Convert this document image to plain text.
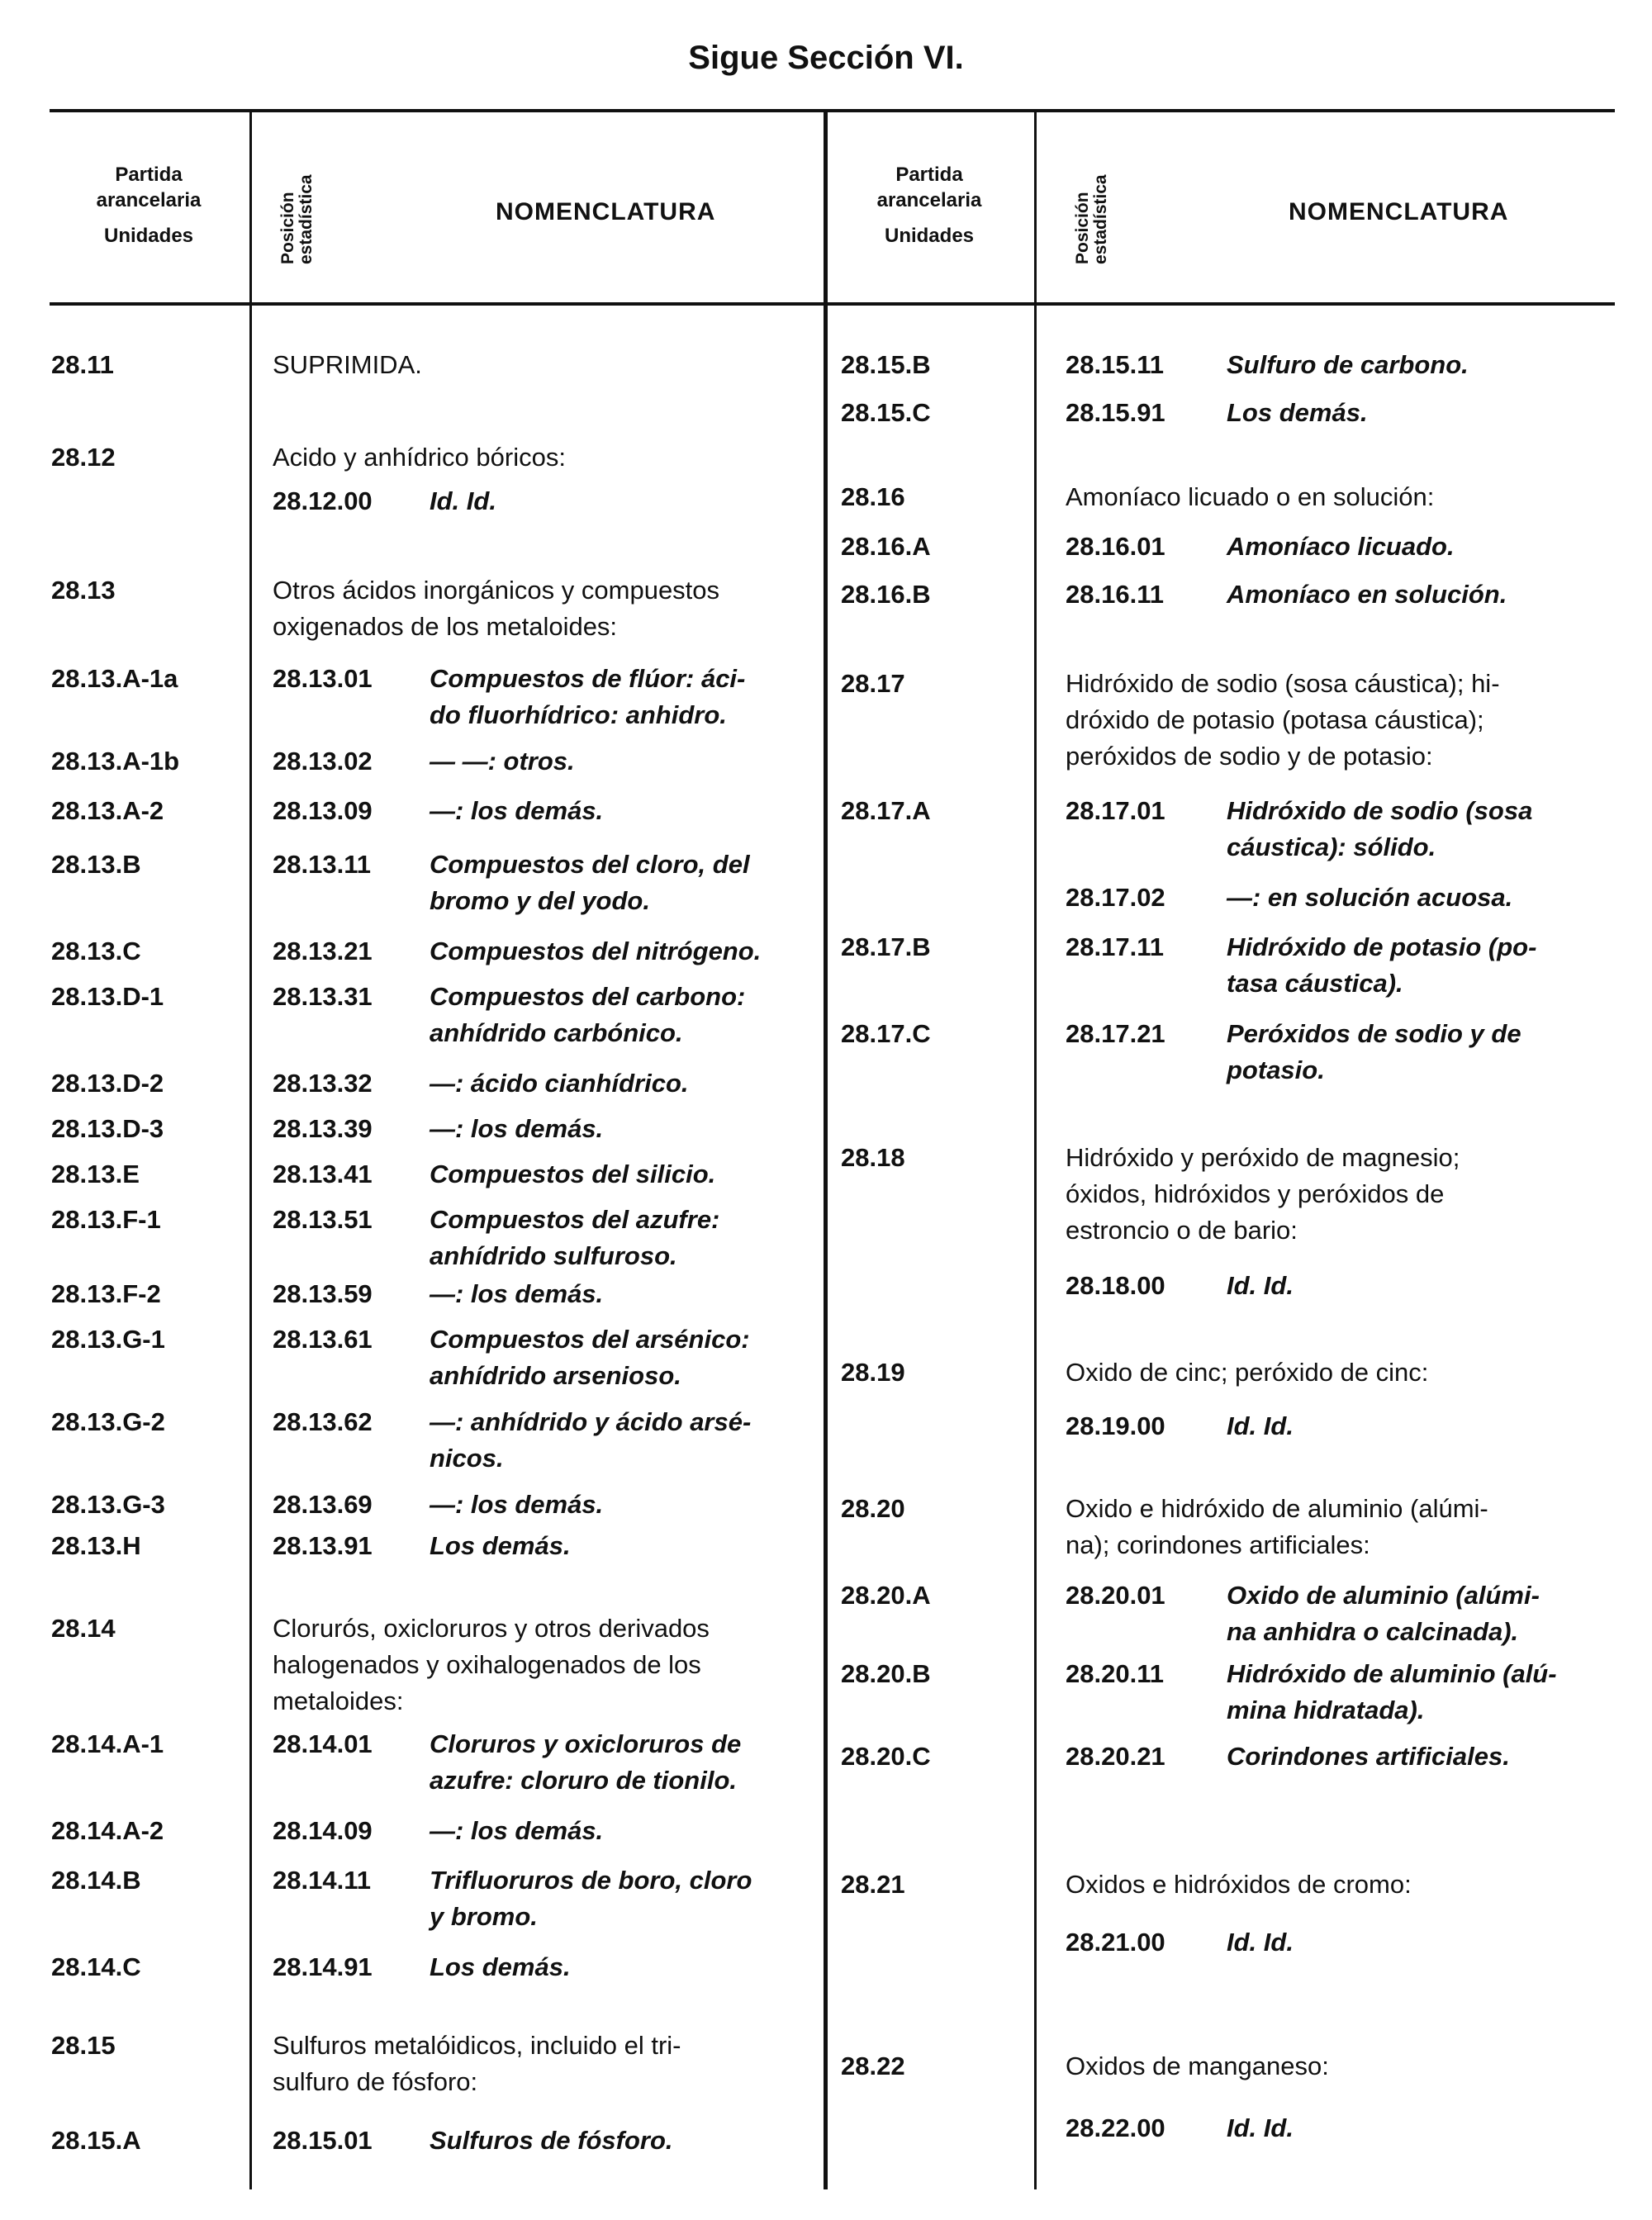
Sigue Sección VI.
Partida
arancelaria
Unidades	Posición estadística	NOMENCLATURA
Partida
arancelaria
Unidades	Posición estadística	NOMENCLATURA
28.11	SUPRIMIDA.
28.12	Acido y anhídrico bóricos:
28.12.00 Id. Id.
28.13	Otros ácidos inorgánicos y compuestos
oxigenados de los metaloides:
28.13.A-1a	28.13.01 Compuestos de flúor: áci-
do fluorhídrico: anhidro.
28.13.A-1b	28.13.02 — —: otros.
28.13.A-2	28.13.09 —: los demás.
28.13.B	28.13.11 Compuestos del cloro, del
bromo y del yodo.
28.13.C	28.13.21 Compuestos del nitrógeno.
28.13.D-1	28.13.31 Compuestos del carbono:
anhídrido carbónico.
28.13.D-2	28.13.32 —: ácido cianhídrico.
28.13.D-3	28.13.39 —: los demás.
28.13.E	28.13.41 Compuestos del silicio.
28.13.F-1	28.13.51 Compuestos del azufre:
anhídrido sulfuroso.
28.13.F-2	28.13.59 —: los demás.
28.13.G-1	28.13.61 Compuestos del arsénico:
anhídrido arsenioso.
28.13.G-2	28.13.62 —: anhídrido y ácido arsé-
nicos.
28.13.G-3	28.13.69 —: los demás.
28.13.H	28.13.91 Los demás.
28.14	Clorurós, oxicloruros y otros derivados
halogenados y oxihalogenados de los
metaloides:
28.14.A-1	28.14.01 Cloruros y oxicloruros de
azufre: cloruro de tionilo.
28.14.A-2	28.14.09 —: los demás.
28.14.B	28.14.11 Trifluoruros de boro, cloro
y bromo.
28.14.C	28.14.91 Los demás.
28.15	Sulfuros metalóidicos, incluido el tri-
sulfuro de fósforo:
28.15.A	28.15.01 Sulfuros de fósforo.
28.15.B	28.15.11 Sulfuro de carbono.
28.15.C	28.15.91 Los demás.
28.16	Amoníaco licuado o en solución:
28.16.A	28.16.01 Amoníaco licuado.
28.16.B	28.16.11 Amoníaco en solución.
28.17	Hidróxido de sodio (sosa cáustica); hi-
dróxido de potasio (potasa cáustica);
peróxidos de sodio y de potasio:
28.17.A	28.17.01 Hidróxido de sodio (sosa
cáustica): sólido.
28.17.02 —: en solución acuosa.
28.17.B	28.17.11 Hidróxido de potasio (po-
tasa cáustica).
28.17.C	28.17.21 Peróxidos de sodio y de
potasio.
28.18	Hidróxido y peróxido de magnesio;
óxidos, hidróxidos y peróxidos de
estroncio o de bario:
28.18.00 Id. Id.
28.19	Oxido de cinc; peróxido de cinc:
28.19.00 Id. Id.
28.20	Oxido e hidróxido de aluminio (alúmi-
na); corindones artificiales:
28.20.A	28.20.01 Oxido de aluminio (alúmi-
na anhidra o calcinada).
28.20.B	28.20.11 Hidróxido de aluminio (alú-
mina hidratada).
28.20.C	28.20.21 Corindones artificiales.
28.21	Oxidos e hidróxidos de cromo:
28.21.00 Id. Id.
28.22	Oxidos de manganeso:
28.22.00 Id. Id.
